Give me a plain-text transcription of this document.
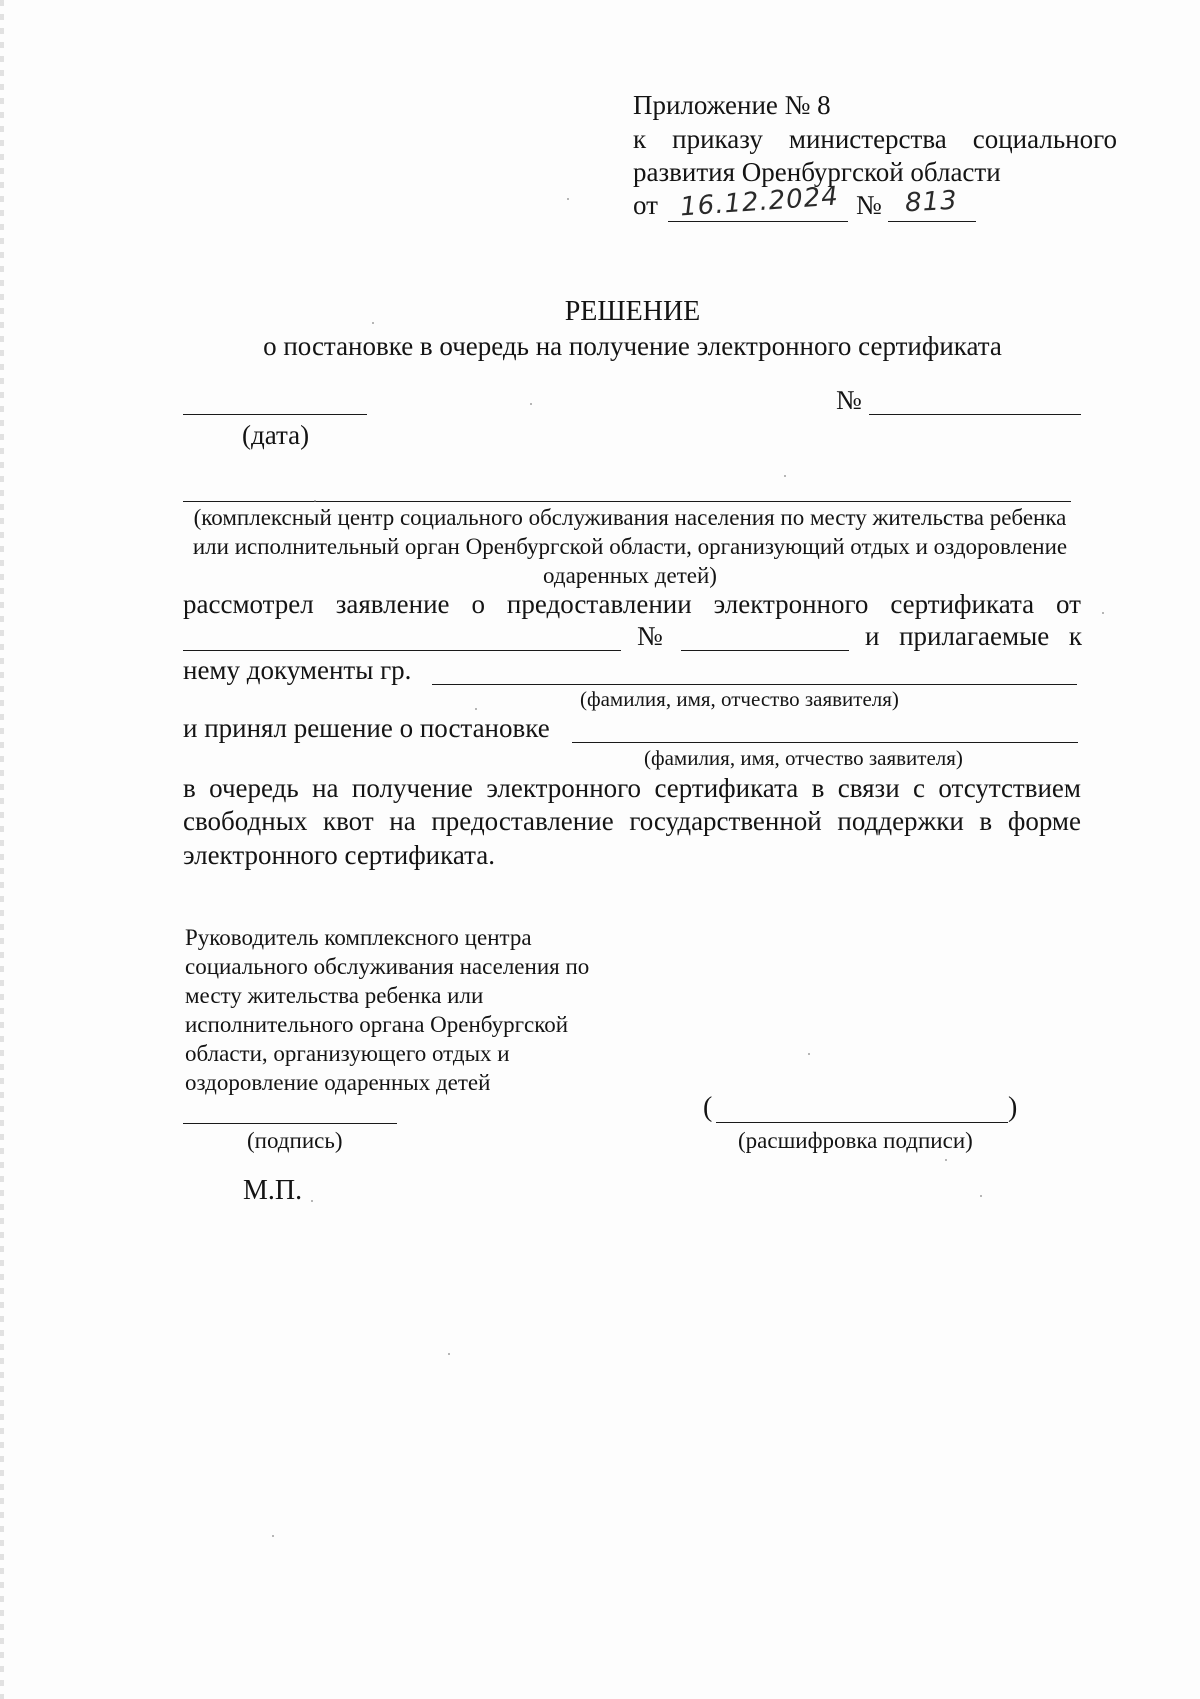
Приложение № 8
к приказу министерства социального
развития Оренбургской области
от 16.12.2024 № 813
РЕШЕНИЕ
о постановке в очередь на получение электронного сертификата
(дата)
№
(комплексный центр социального обслуживания населения по месту жительства ребенка или исполнительный орган Оренбургской области, организующий отдых и оздоровление одаренных детей)
рассмотрел заявление о предоставлении электронного сертификата от
№	и прилагаемые к
нему документы гр.
(фамилия, имя, отчество заявителя)
и принял решение о постановке
(фамилия, имя, отчество заявителя)
в очередь на получение электронного сертификата в связи с отсутствием
свободных квот на предоставление государственной поддержки в форме
электронного сертификата.
Руководитель комплексного центра
социального обслуживания населения по
месту жительства ребенка или
исполнительного органа Оренбургской
области, организующего отдых и
оздоровление одаренных детей
(подпись)
(	)
(расшифровка подписи)
М.П.
